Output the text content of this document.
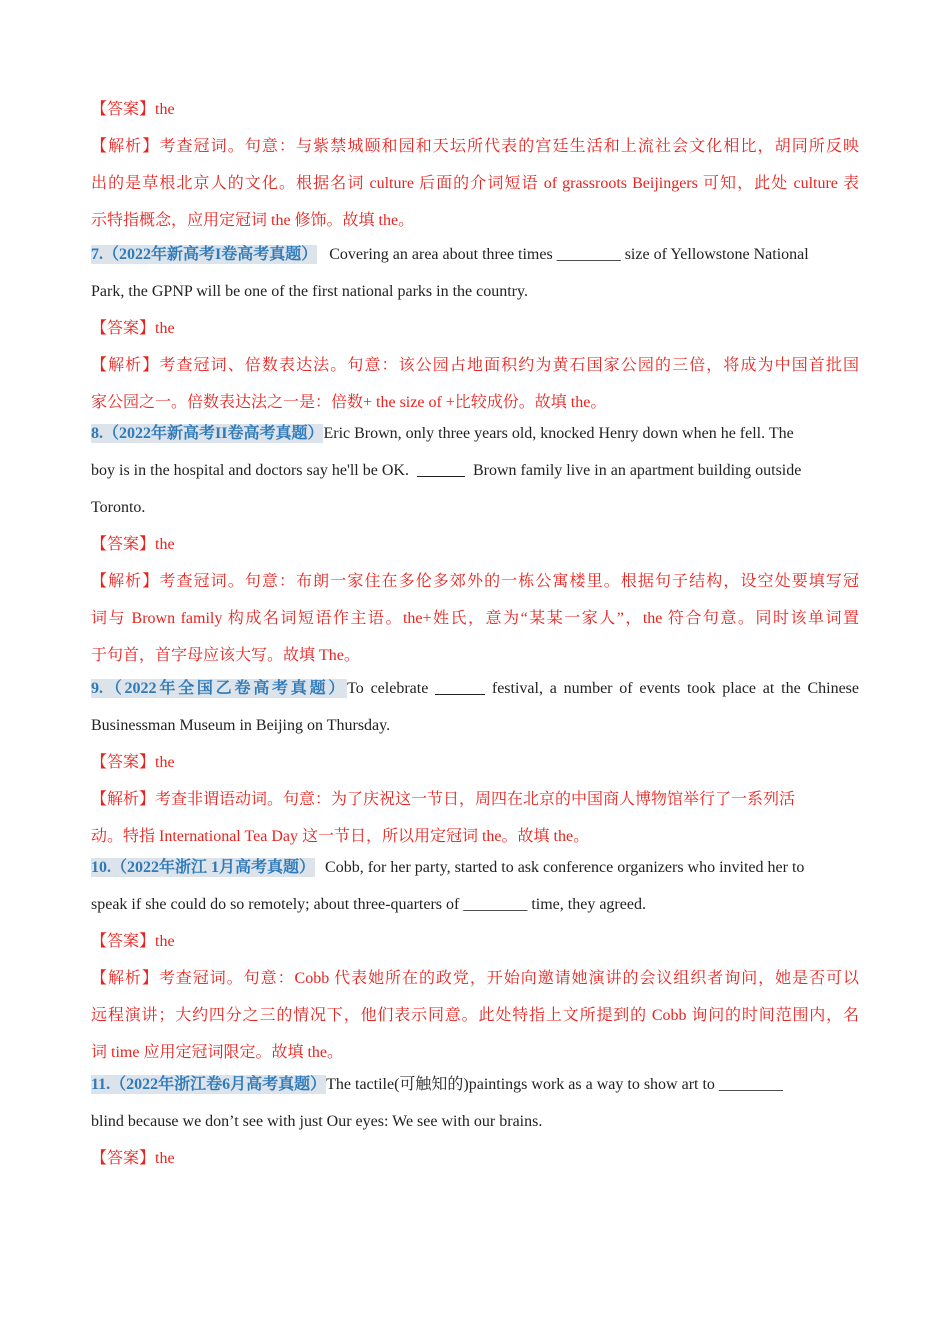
【答案】the
【解析】考查冠词。句意：与紫禁城颐和园和天坛所代表的宫廷生活和上流社会文化相比，胡同所反映
出的是草根北京人的文化。根据名词 culture 后面的介词短语 of grassroots Beijingers 可知，此处 culture 表
示特指概念，应用定冠词 the 修饰。故填 the。
7.（2022年新高考I卷高考真题） Covering an area about three times ________ size of Yellowstone National
Park, the GPNP will be one of the first national parks in the country.
【答案】the
【解析】考查冠词、倍数表达法。句意：该公园占地面积约为黄石国家公园的三倍，将成为中国首批国
家公园之一。倍数表达法之一是：倍数+ the size of +比较成份。故填 the。
8.（2022年新高考II卷高考真题）Eric Brown, only three years old, knocked Henry down when he fell. The
boy is in the hospital and doctors say he'll be OK.	Brown family live in an apartment building outside
Toronto.
【答案】the
【解析】考查冠词。句意：布朗一家住在多伦多郊外的一栋公寓楼里。根据句子结构，设空处要填写冠
词与 Brown family 构成名词短语作主语。the+姓氏，意为“某某一家人”，the 符合句意。同时该单词置
于句首，首字母应该大写。故填 The。
9.（2022年全国乙卷高考真题）To celebrate	festival, a number of events took place at the Chinese
Businessman Museum in Beijing on Thursday.
【答案】the
【解析】考查非谓语动词。句意：为了庆祝这一节日，周四在北京的中国商人博物馆举行了一系列活
动。特指 International Tea Day 这一节日，所以用定冠词 the。故填 the。
10.（2022年浙江 1月高考真题） Cobb, for her party, started to ask conference organizers who invited her to
speak if she could do so remotely; about three-quarters of ________ time, they agreed.
【答案】the
【解析】考查冠词。句意：Cobb 代表她所在的政党，开始向邀请她演讲的会议组织者询问，她是否可以
远程演讲；大约四分之三的情况下，他们表示同意。此处特指上文所提到的 Cobb 询问的时间范围内，名
词 time 应用定冠词限定。故填 the。
11.（2022年浙江卷6月高考真题）The tactile(可触知的)paintings work as a way to show art to ________
blind because we don’t see with just Our eyes: We see with our brains.
【答案】the
